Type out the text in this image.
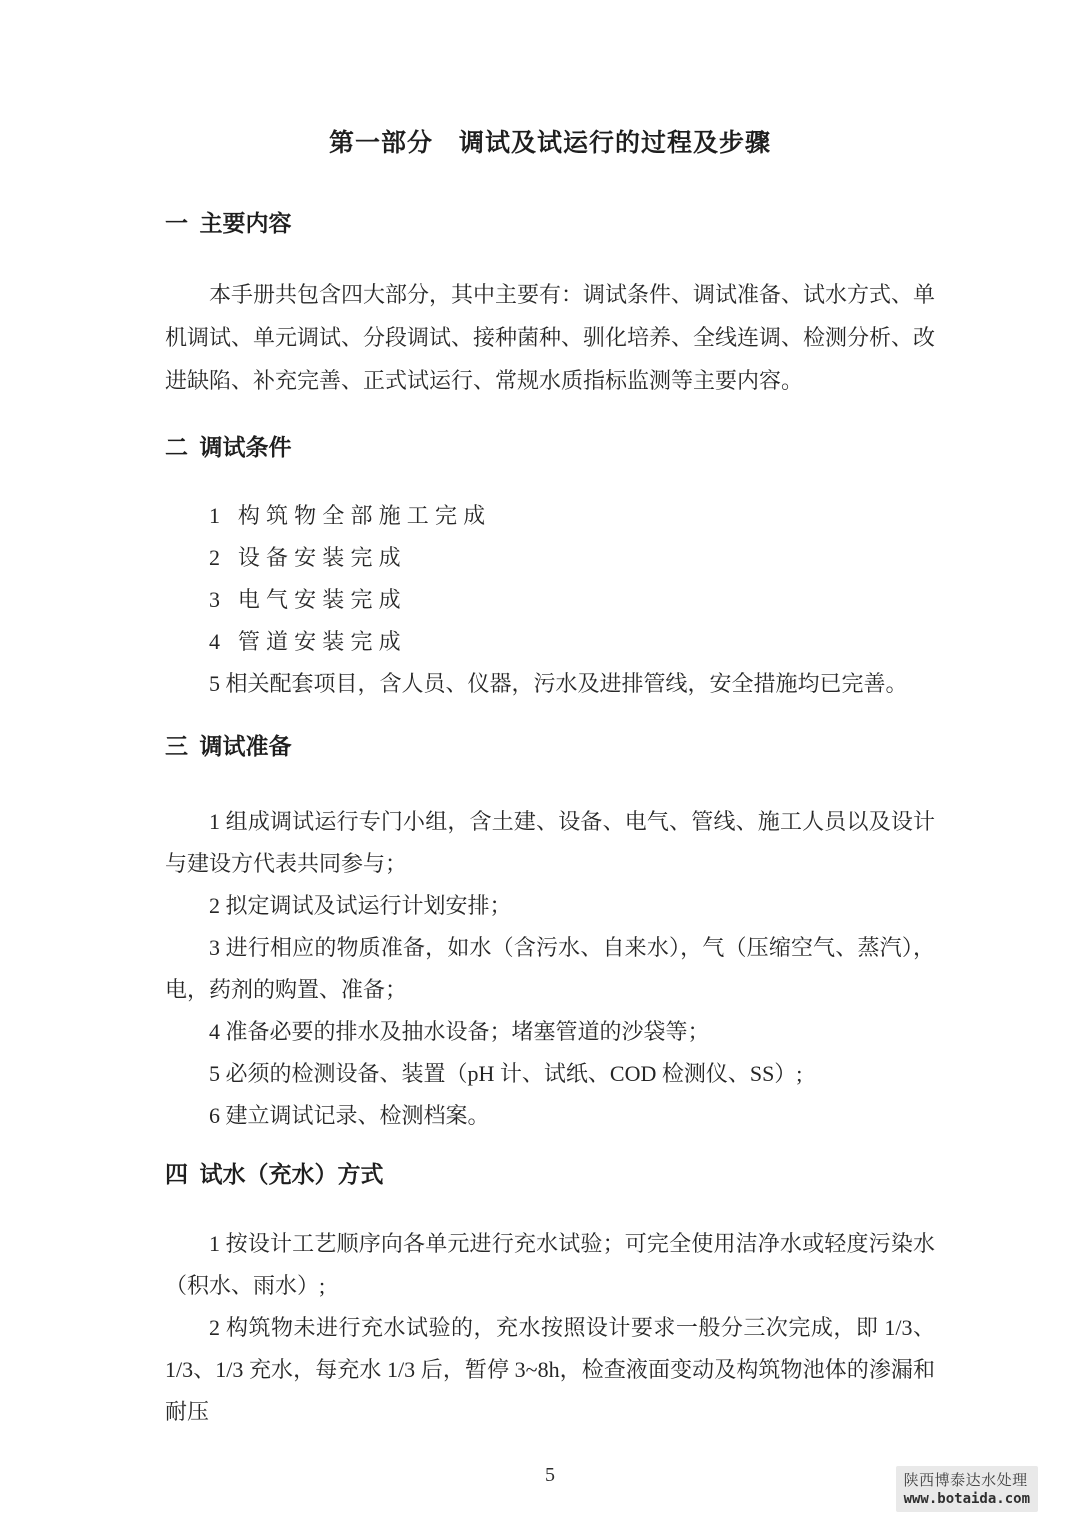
第一部分　调试及试运行的过程及步骤
一  主要内容
本手册共包含四大部分，其中主要有：调试条件、调试准备、试水方式、单机调试、单元调试、分段调试、接种菌种、驯化培养、全线连调、检测分析、改进缺陷、补充完善、正式试运行、常规水质指标监测等主要内容。
二  调试条件
1 构筑物全部施工完成
2 设备安装完成
3 电气安装完成
4 管道安装完成
5 相关配套项目，含人员、仪器，污水及进排管线，安全措施均已完善。
三  调试准备
1 组成调试运行专门小组，含土建、设备、电气、管线、施工人员以及设计与建设方代表共同参与；
2 拟定调试及试运行计划安排；
3 进行相应的物质准备，如水（含污水、自来水），气（压缩空气、蒸汽），电，药剂的购置、准备；
4 准备必要的排水及抽水设备；堵塞管道的沙袋等；
5 必须的检测设备、装置（pH 计、试纸、COD 检测仪、SS）;
6 建立调试记录、检测档案。
四  试水（充水）方式
1 按设计工艺顺序向各单元进行充水试验；可完全使用洁净水或轻度污染水（积水、雨水）;
2 构筑物未进行充水试验的，充水按照设计要求一般分三次完成，即 1/3、1/3、1/3 充水，每充水 1/3 后，暂停 3~8h，检查液面变动及构筑物池体的渗漏和耐压
5	陕西博泰达水处理
www.botaida.com
